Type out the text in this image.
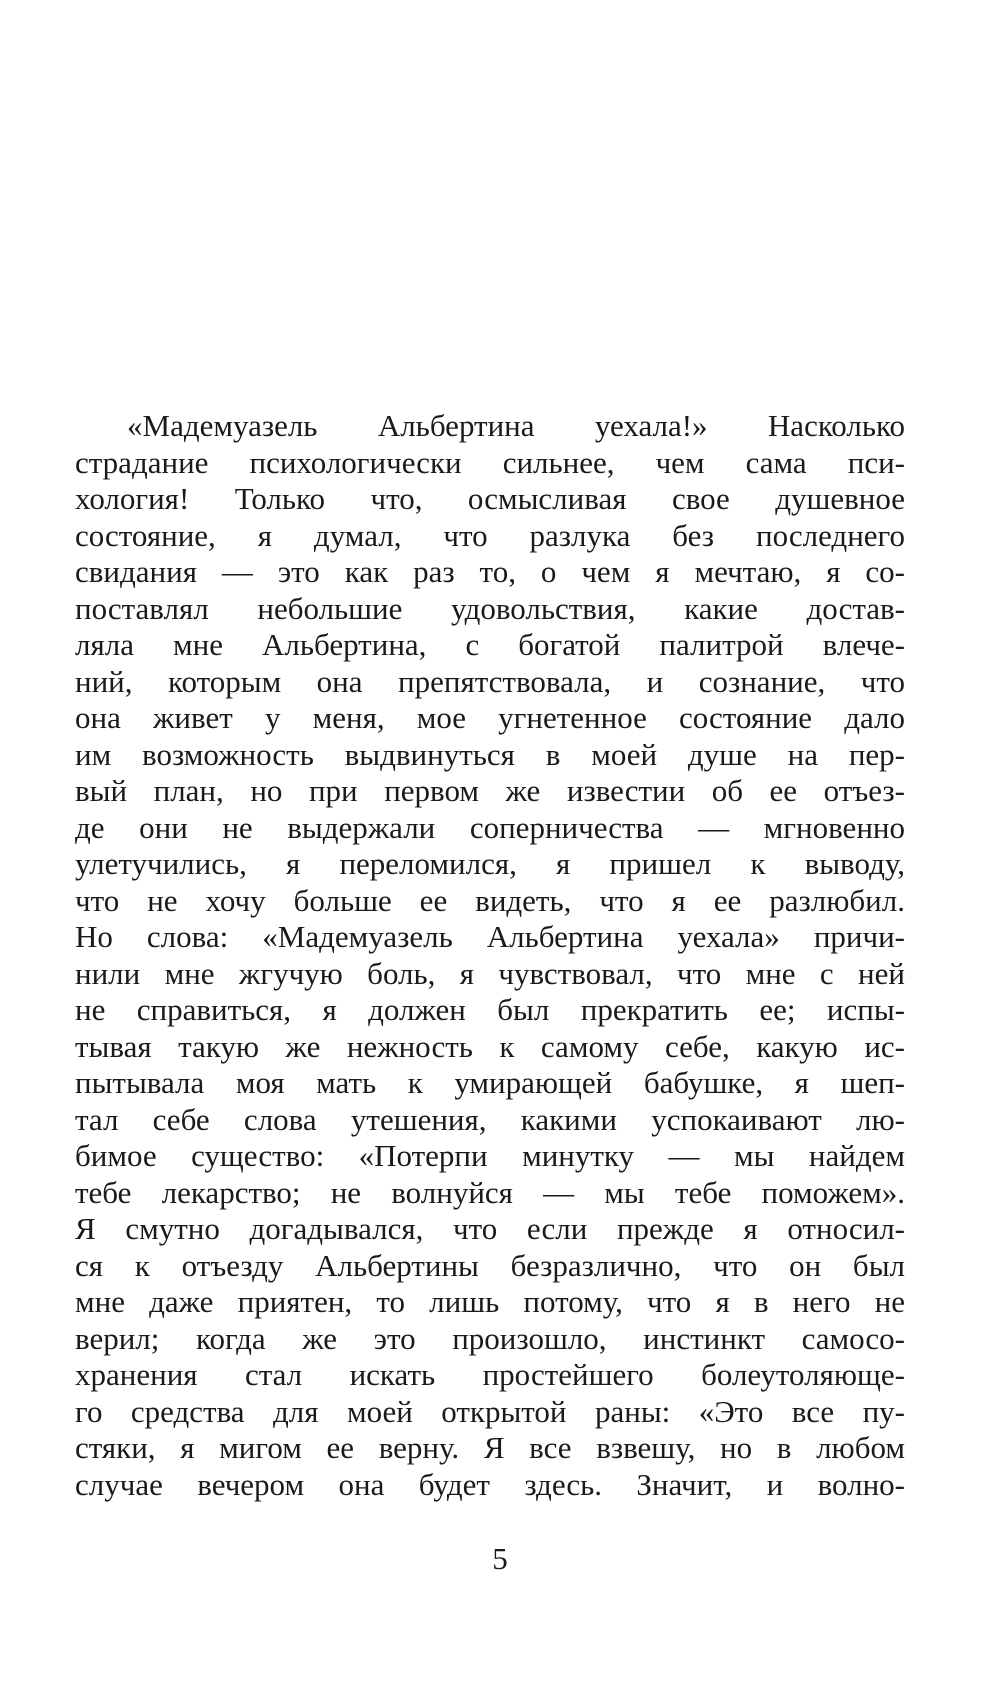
«Мадемуазель Альбертина уехала!» Насколько
страдание психологически сильнее, чем сама пси-
хология! Только что, осмысливая свое душевное
состояние, я думал, что разлука без последнего
свидания — это как раз то, о чем я мечтаю, я со-
поставлял небольшие удовольствия, какие достав-
ляла мне Альбертина, с богатой палитрой влече-
ний, которым она препятствовала, и сознание, что
она живет у меня, мое угнетенное состояние дало
им возможность выдвинуться в моей душе на пер-
вый план, но при первом же известии об ее отъез-
де они не выдержали соперничества — мгновенно
улетучились, я переломился, я пришел к выводу,
что не хочу больше ее видеть, что я ее разлюбил.
Но слова: «Мадемуазель Альбертина уехала» причи-
нили мне жгучую боль, я чувствовал, что мне с ней
не справиться, я должен был прекратить ее; испы-
тывая такую же нежность к самому себе, какую ис-
пытывала моя мать к умирающей бабушке, я шеп-
тал себе слова утешения, какими успокаивают лю-
бимое существо: «Потерпи минутку — мы найдем
тебе лекарство; не волнуйся — мы тебе поможем».
Я смутно догадывался, что если прежде я относил-
ся к отъезду Альбертины безразлично, что он был
мне даже приятен, то лишь потому, что я в него не
верил; когда же это произошло, инстинкт самосо-
хранения стал искать простейшего болеутоляюще-
го средства для моей открытой раны: «Это все пу-
стяки, я мигом ее верну. Я все взвешу, но в любом
случае вечером она будет здесь. Значит, и волно-
5
